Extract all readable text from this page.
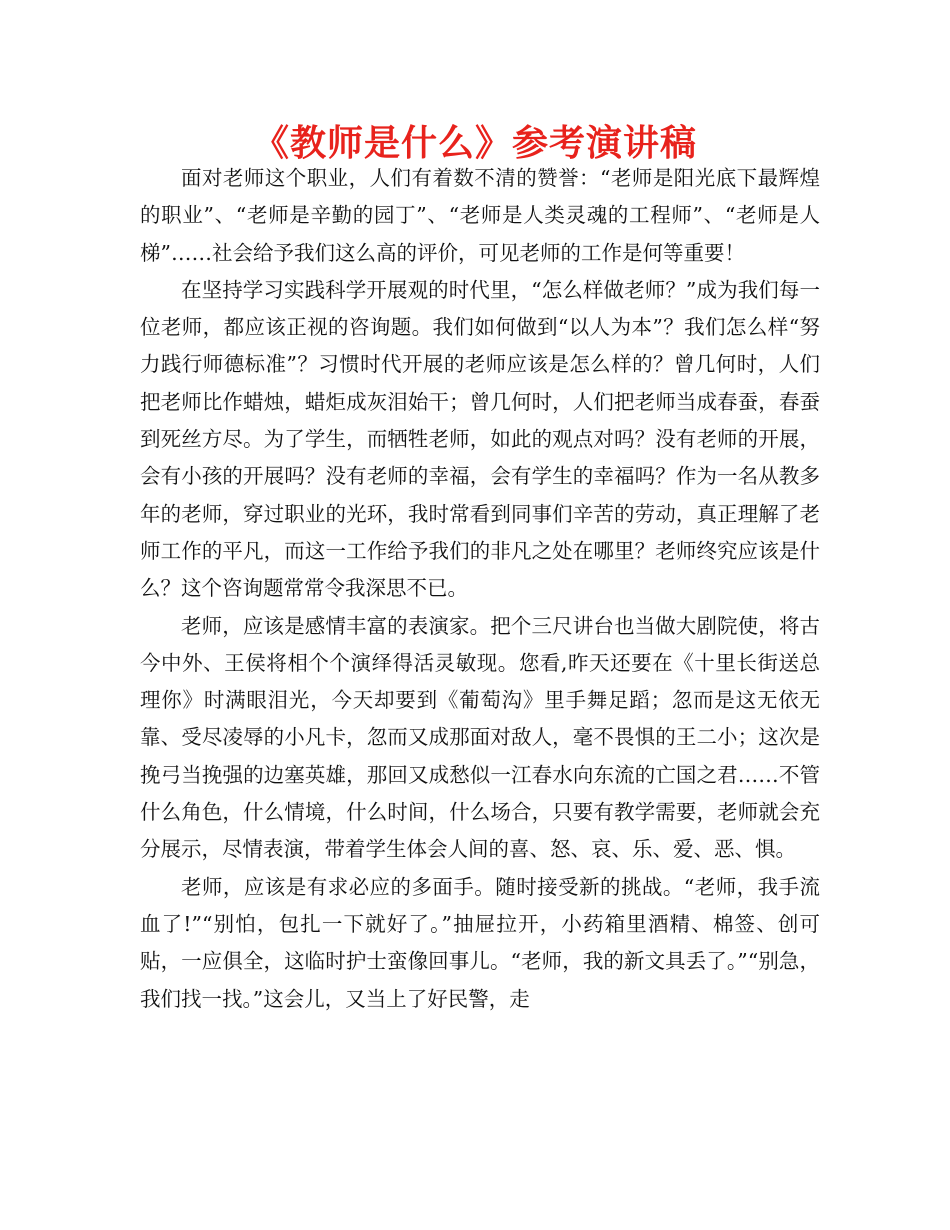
《教师是什么》参考演讲稿

面对老师这个职业，人们有着数不清的赞誉：“老师是阳光底下最辉煌的职业”、“老师是辛勤的园丁”、“老师是人类灵魂的工程师”、“老师是人梯”……社会给予我们这么高的评价，可见老师的工作是何等重要！

在坚持学习实践科学开展观的时代里，“怎么样做老师？”成为我们每一位老师，都应该正视的咨询题。我们如何做到“以人为本”？我们怎么样“努力践行师德标准”？习惯时代开展的老师应该是怎么样的？曾几何时，人们把老师比作蜡烛，蜡炬成灰泪始干；曾几何时，人们把老师当成春蚕，春蚕到死丝方尽。为了学生，而牺牲老师，如此的观点对吗？没有老师的开展，会有小孩的开展吗？没有老师的幸福，会有学生的幸福吗？作为一名从教多年的老师，穿过职业的光环，我时常看到同事们辛苦的劳动，真正理解了老师工作的平凡，而这一工作给予我们的非凡之处在哪里？老师终究应该是什么？这个咨询题常常令我深思不已。

老师，应该是感情丰富的表演家。把个三尺讲台也当做大剧院使，将古今中外、王侯将相个个演绎得活灵敏现。您看,昨天还要在《十里长街送总理你》时满眼泪光，今天却要到《葡萄沟》里手舞足蹈；忽而是这无依无靠、受尽凌辱的小凡卡，忽而又成那面对敌人，毫不畏惧的王二小；这次是挽弓当挽强的边塞英雄，那回又成愁似一江春水向东流的亡国之君……不管什么角色，什么情境，什么时间，什么场合，只要有教学需要，老师就会充分展示，尽情表演，带着学生体会人间的喜、怒、哀、乐、爱、恶、惧。

老师，应该是有求必应的多面手。随时接受新的挑战。“老师，我手流血了!”“别怕，包扎一下就好了。”抽屉拉开，小药箱里酒精、棉签、创可贴，一应俱全，这临时护士蛮像回事儿。“老师，我的新文具丢了。”“别急，我们找一找。”这会儿，又当上了好民警，走
